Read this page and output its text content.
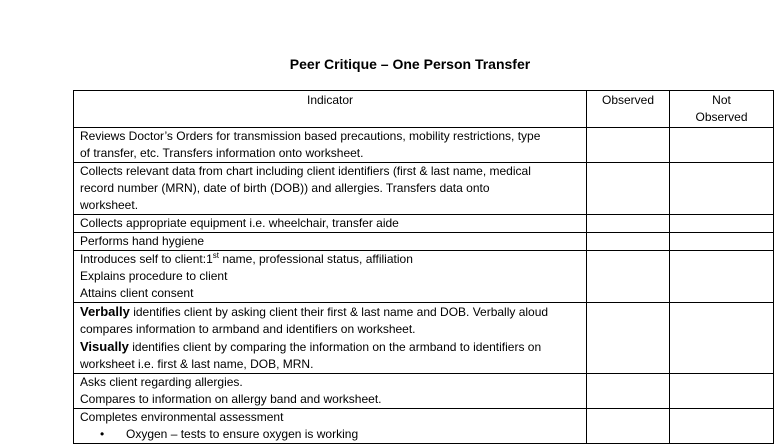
Peer Critique – One Person Transfer
Indicator	Observed	Not
Observed

Reviews Doctor’s Orders for transmission based precautions, mobility restrictions, type
of transfer, etc. Transfers information onto worksheet.		

Collects relevant data from chart including client identifiers (first & last name, medical
record number (MRN), date of birth (DOB)) and allergies. Transfers data onto
worksheet.		

Collects appropriate equipment i.e. wheelchair, transfer aide		

Performs hand hygiene		

Introduces self to client:1st name, professional status, affiliation
Explains procedure to client
Attains client consent		

Verbally identifies client by asking client their first & last name and DOB. Verbally aloud
compares information to armband and identifiers on worksheet.
Visually identifies client by comparing the information on the armband to identifiers on
worksheet i.e. first & last name, DOB, MRN.		

Asks client regarding allergies.
Compares to information on allergy band and worksheet.		

Completes environmental assessment
• Oxygen – tests to ensure oxygen is working		
